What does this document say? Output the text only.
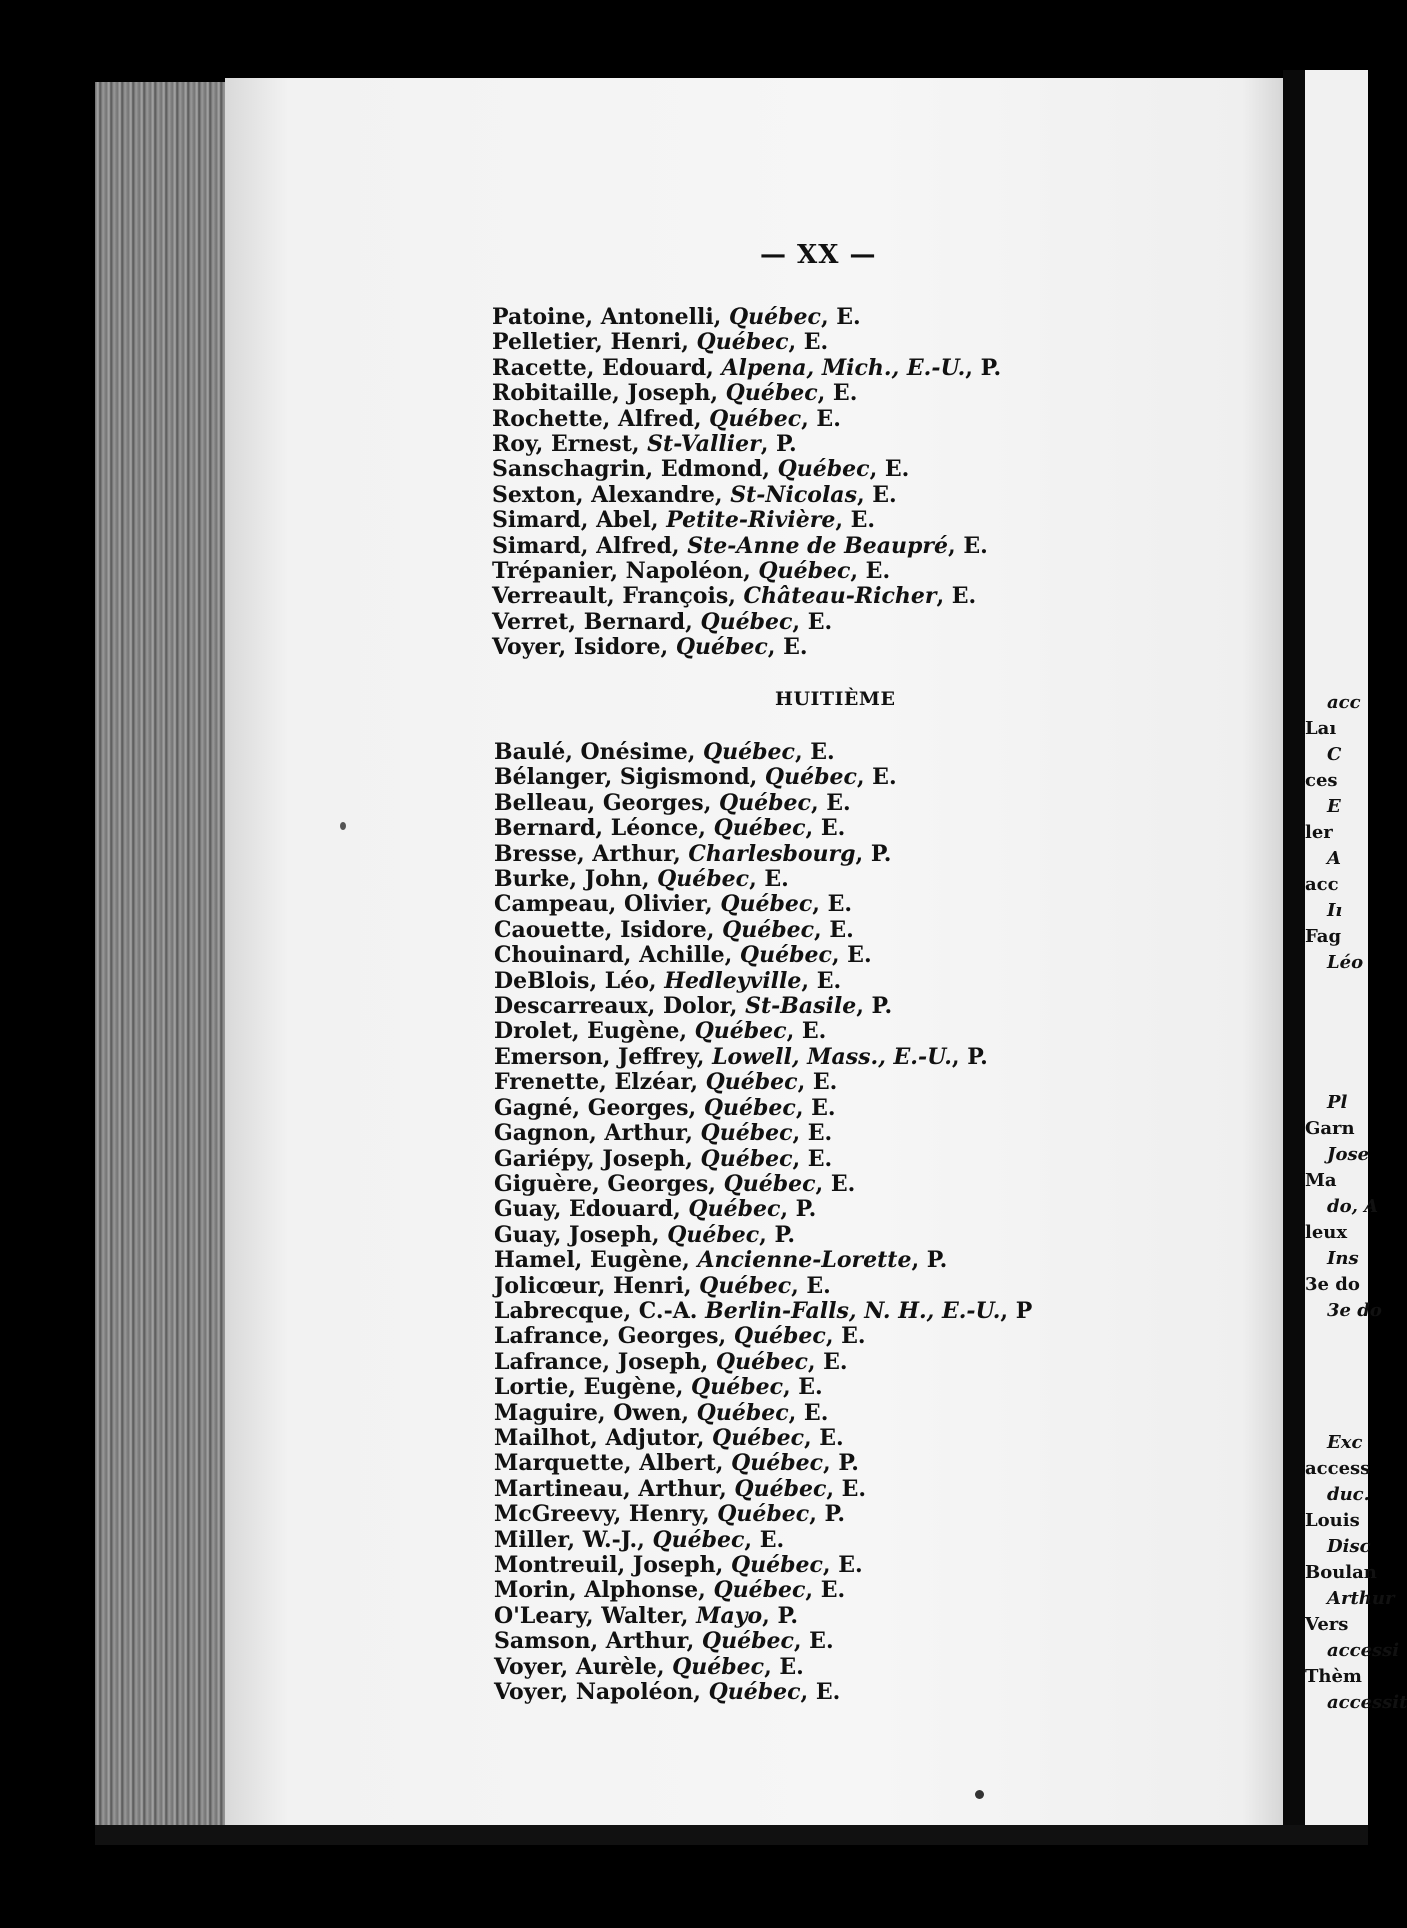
acc
Laı
C
ces
E
ler
A
acc
Iı
Fag
Léo
Pl
Garn
Jose
Ma
do, A
leux
Ins
3e do
3e do
Exc
access
duc.
Louis
Disc
Boulan
Arthur
Vers
accessi
Thèm
accessit
— XX —
Patoine, Antonelli, Québec, E.
Pelletier, Henri, Québec, E.
Racette, Edouard, Alpena, Mich., E.-U., P.
Robitaille, Joseph, Québec, E.
Rochette, Alfred, Québec, E.
Roy, Ernest, St-Vallier, P.
Sanschagrin, Edmond, Québec, E.
Sexton, Alexandre, St-Nicolas, E.
Simard, Abel, Petite-Rivière, E.
Simard, Alfred, Ste-Anne de Beaupré, E.
Trépanier, Napoléon, Québec, E.
Verreault, François, Château-Richer, E.
Verret, Bernard, Québec, E.
Voyer, Isidore, Québec, E.
HUITIÈME
Baulé, Onésime, Québec, E.
Bélanger, Sigismond, Québec, E.
Belleau, Georges, Québec, E.
Bernard, Léonce, Québec, E.
Bresse, Arthur, Charlesbourg, P.
Burke, John, Québec, E.
Campeau, Olivier, Québec, E.
Caouette, Isidore, Québec, E.
Chouinard, Achille, Québec, E.
DeBlois, Léo, Hedleyville, E.
Descarreaux, Dolor, St-Basile, P.
Drolet, Eugène, Québec, E.
Emerson, Jeffrey, Lowell, Mass., E.-U., P.
Frenette, Elzéar, Québec, E.
Gagné, Georges, Québec, E.
Gagnon, Arthur, Québec, E.
Gariépy, Joseph, Québec, E.
Giguère, Georges, Québec, E.
Guay, Edouard, Québec, P.
Guay, Joseph, Québec, P.
Hamel, Eugène, Ancienne-Lorette, P.
Jolicœur, Henri, Québec, E.
Labrecque, C.-A. Berlin-Falls, N. H., E.-U., P
Lafrance, Georges, Québec, E.
Lafrance, Joseph, Québec, E.
Lortie, Eugène, Québec, E.
Maguire, Owen, Québec, E.
Mailhot, Adjutor, Québec, E.
Marquette, Albert, Québec, P.
Martineau, Arthur, Québec, E.
McGreevy, Henry, Québec, P.
Miller, W.-J., Québec, E.
Montreuil, Joseph, Québec, E.
Morin, Alphonse, Québec, E.
O'Leary, Walter, Mayo, P.
Samson, Arthur, Québec, E.
Voyer, Aurèle, Québec, E.
Voyer, Napoléon, Québec, E.
